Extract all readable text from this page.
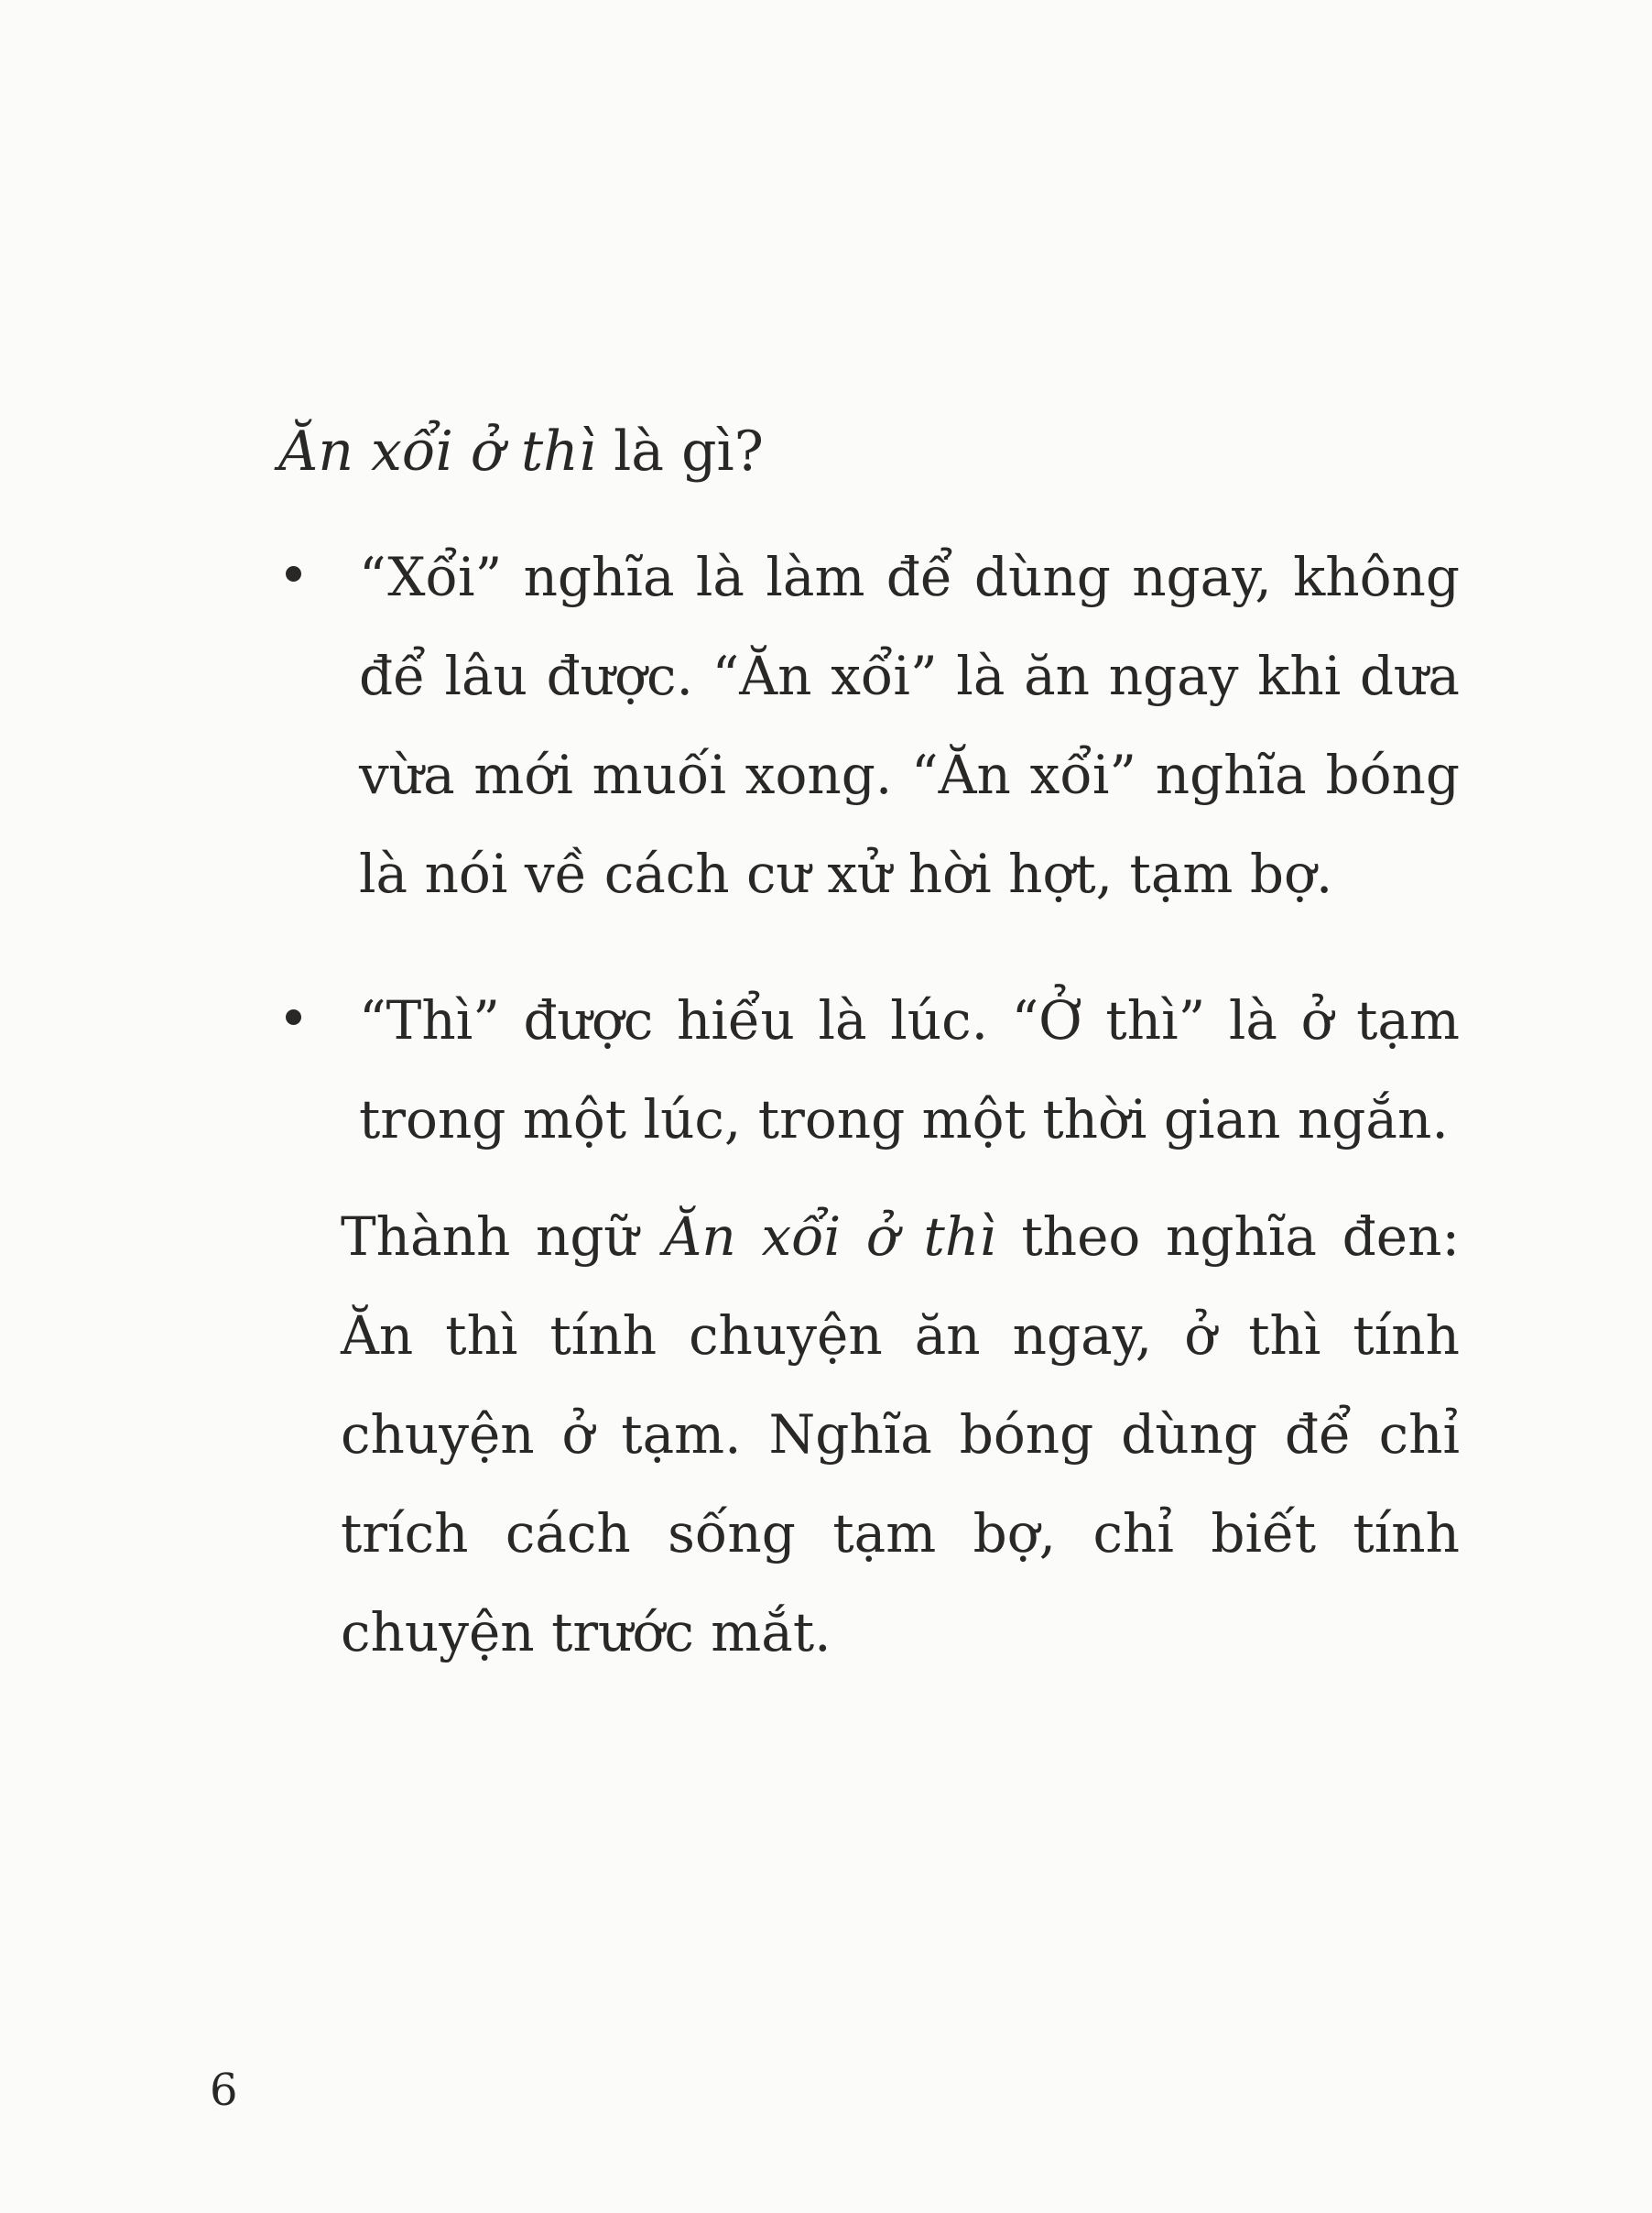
Ăn xổi ở thì là gì?
“Xổi” nghĩa là làm để dùng ngay, không để lâu được. “Ăn xổi” là ăn ngay khi dưa vừa mới muối xong. “Ăn xổi” nghĩa bóng là nói về cách cư xử hời hợt, tạm bợ.
“Thì” được hiểu là lúc. “Ở thì” là ở tạm trong một lúc, trong một thời gian ngắn.

Thành ngữ Ăn xổi ở thì theo nghĩa đen: Ăn thì tính chuyện ăn ngay, ở thì tính chuyện ở tạm. Nghĩa bóng dùng để chỉ trích cách sống tạm bợ, chỉ biết tính chuyện trước mắt.

6
